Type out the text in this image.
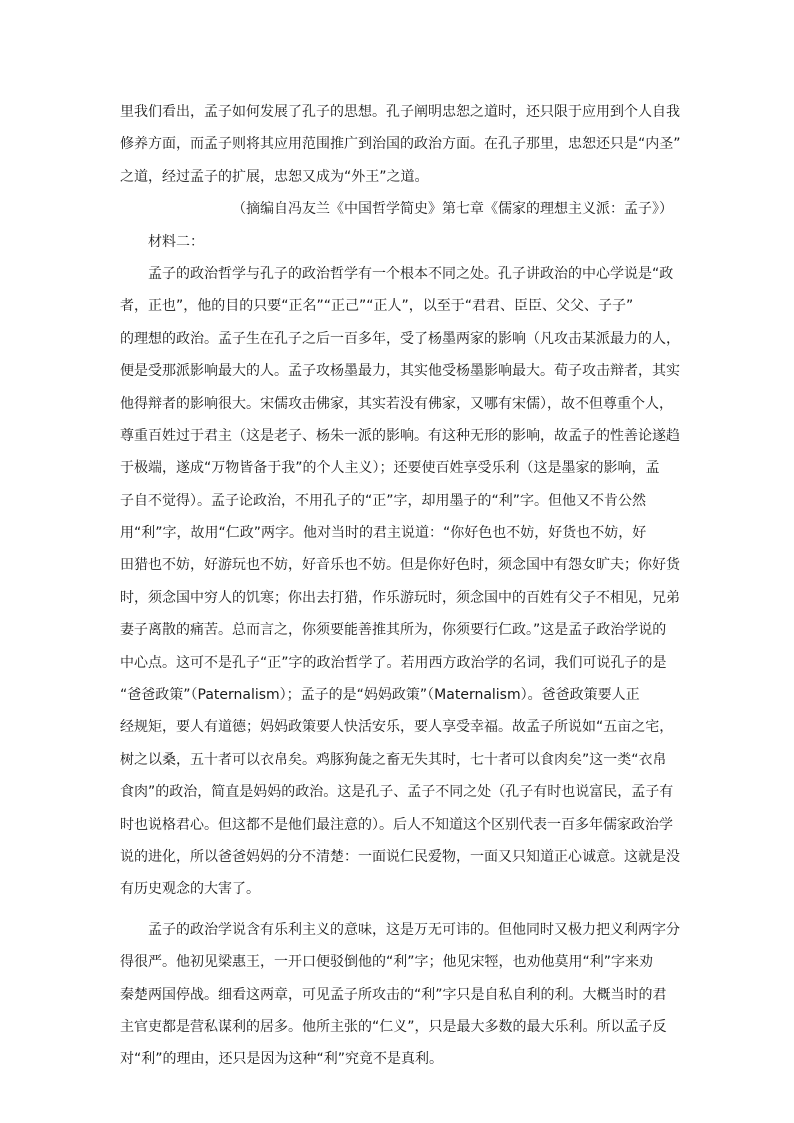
里我们看出，孟子如何发展了孔子的思想。孔子阐明忠恕之道时，还只限于应用到个人自我
修养方面，而孟子则将其应用范围推广到治国的政治方面。在孔子那里，忠恕还只是“内圣”
之道，经过孟子的扩展，忠恕又成为“外王”之道。
（摘编自冯友兰《中国哲学简史》第七章《儒家的理想主义派：孟子》）
材料二：
孟子的政治哲学与孔子的政治哲学有一个根本不同之处。孔子讲政治的中心学说是“政
者，正也”，他的目的只要“正名”“正己”“正人”，以至于“君君、臣臣、父父、子子”
的理想的政治。孟子生在孔子之后一百多年，受了杨墨两家的影响（凡攻击某派最力的人，
便是受那派影响最大的人。孟子攻杨墨最力，其实他受杨墨影响最大。荀子攻击辩者，其实
他得辩者的影响很大。宋儒攻击佛家，其实若没有佛家，又哪有宋儒），故不但尊重个人，
尊重百姓过于君主（这是老子、杨朱一派的影响。有这种无形的影响，故孟子的性善论遂趋
于极端，遂成“万物皆备于我”的个人主义）；还要使百姓享受乐利（这是墨家的影响，孟
子自不觉得）。孟子论政治，不用孔子的“正”字，却用墨子的“利”字。但他又不肯公然
用“利”字，故用“仁政”两字。他对当时的君主说道：“你好色也不妨，好货也不妨，好
田猎也不妨，好游玩也不妨，好音乐也不妨。但是你好色时，须念国中有怨女旷夫；你好货
时，须念国中穷人的饥寒；你出去打猎，作乐游玩时，须念国中的百姓有父子不相见，兄弟
妻子离散的痛苦。总而言之，你须要能善推其所为，你须要行仁政。”这是孟子政治学说的
中心点。这可不是孔子“正”字的政治哲学了。若用西方政治学的名词，我们可说孔子的是
“爸爸政策”（Paternalism）；孟子的是“妈妈政策”（Maternalism）。爸爸政策要人正
经规矩，要人有道德；妈妈政策要人快活安乐，要人享受幸福。故孟子所说如“五亩之宅，
树之以桑，五十者可以衣帛矣。鸡豚狗彘之畜无失其时，七十者可以食肉矣”这一类“衣帛
食肉”的政治，简直是妈妈的政治。这是孔子、孟子不同之处（孔子有时也说富民，孟子有
时也说格君心。但这都不是他们最注意的）。后人不知道这个区别代表一百多年儒家政治学
说的进化，所以爸爸妈妈的分不清楚：一面说仁民爱物，一面又只知道正心诚意。这就是没
有历史观念的大害了。
孟子的政治学说含有乐利主义的意味，这是万无可讳的。但他同时又极力把义利两字分
得很严。他初见梁惠王，一开口便驳倒他的“利”字；他见宋牼，也劝他莫用“利”字来劝
秦楚两国停战。细看这两章，可见孟子所攻击的“利”字只是自私自利的利。大概当时的君
主官吏都是营私谋利的居多。他所主张的“仁义”，只是最大多数的最大乐利。所以孟子反
对“利”的理由，还只是因为这种“利”究竟不是真利。
